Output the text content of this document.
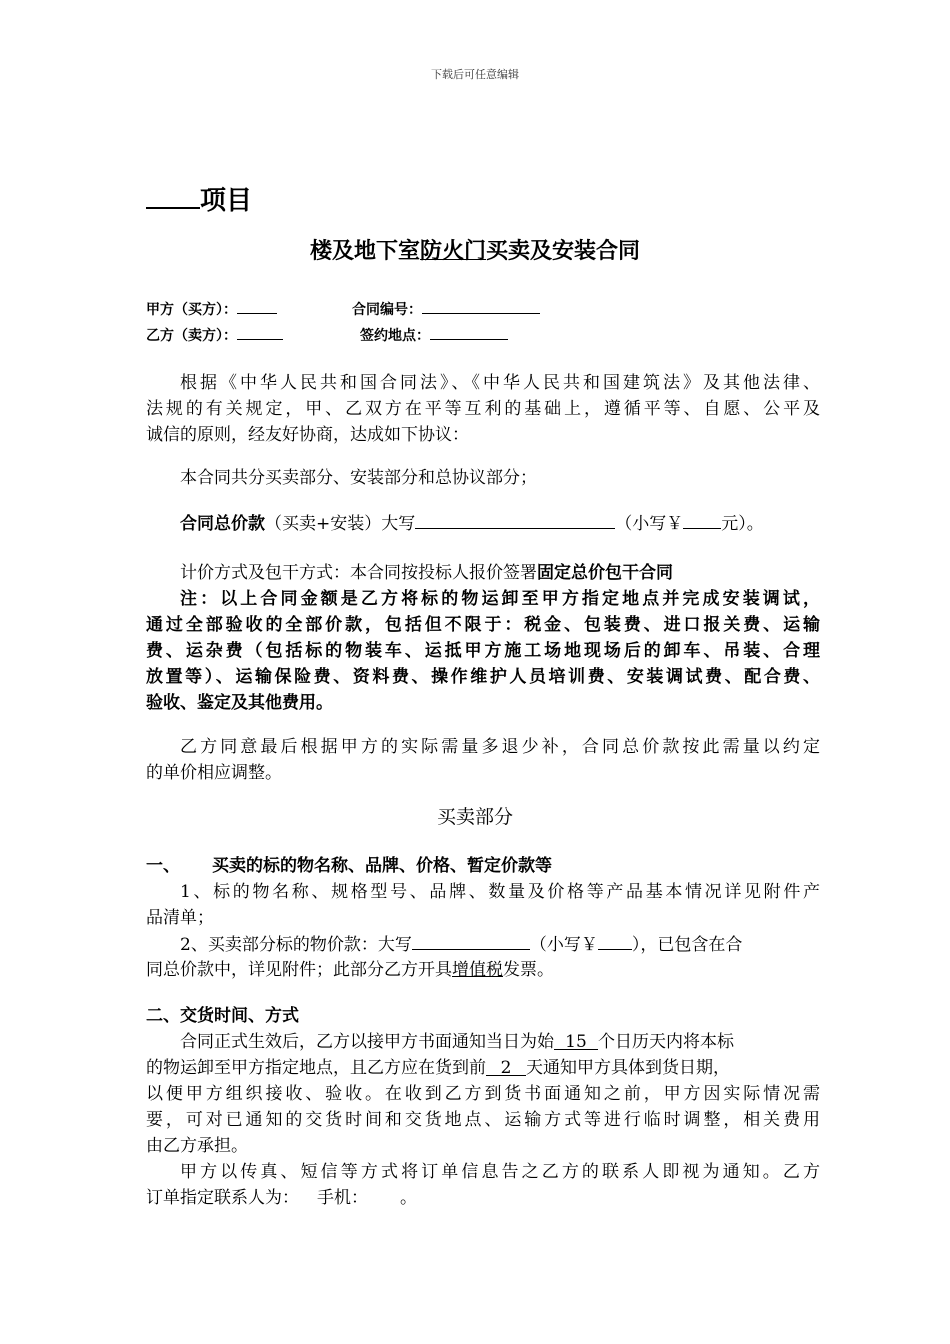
下载后可任意编辑
项目
楼及地下室防火门买卖及安装合同
甲方（买方）：	合同编号：
乙方（卖方）：	签约地点：
根据《中华人民共和国合同法》、《中华人民共和国建筑法》及其他法律、
法规的有关规定，甲、乙双方在平等互利的基础上，遵循平等、自愿、公平及
诚信的原则，经友好协商，达成如下协议：
本合同共分买卖部分、安装部分和总协议部分；
合同总价款（买卖+安装）大写	（小写￥ 元）。
计价方式及包干方式：本合同按投标人报价签署固定总价包干合同
注：以上合同金额是乙方将标的物运卸至甲方指定地点并完成安装调试，
通过全部验收的全部价款，包括但不限于：税金、包装费、进口报关费、运输
费、运杂费（包括标的物装车、运抵甲方施工场地现场后的卸车、吊装、合理
放置等）、运输保险费、资料费、操作维护人员培训费、安装调试费、配合费、
验收、鉴定及其他费用。
乙方同意最后根据甲方的实际需量多退少补，合同总价款按此需量以约定
的单价相应调整。
买卖部分
一、 买卖的标的物名称、品牌、价格、暂定价款等
1、标的物名称、规格型号、品牌、数量及价格等产品基本情况详见附件产
品清单；
2、买卖部分标的物价款：大写	（小写￥ ），已包含在合
同总价款中，详见附件；此部分乙方开具增值税发票。
二、交货时间、方式
合同正式生效后，乙方以接甲方书面通知当日为始 15 个日历天内将本标
的物运卸至甲方指定地点，且乙方应在货到前 2 天通知甲方具体到货日期，
以便甲方组织接收、验收。在收到乙方到货书面通知之前，甲方因实际情况需
要，可对已通知的交货时间和交货地点、运输方式等进行临时调整，相关费用
由乙方承担。
甲方以传真、短信等方式将订单信息告之乙方的联系人即视为通知。乙方
订单指定联系人为： 手机： 。
